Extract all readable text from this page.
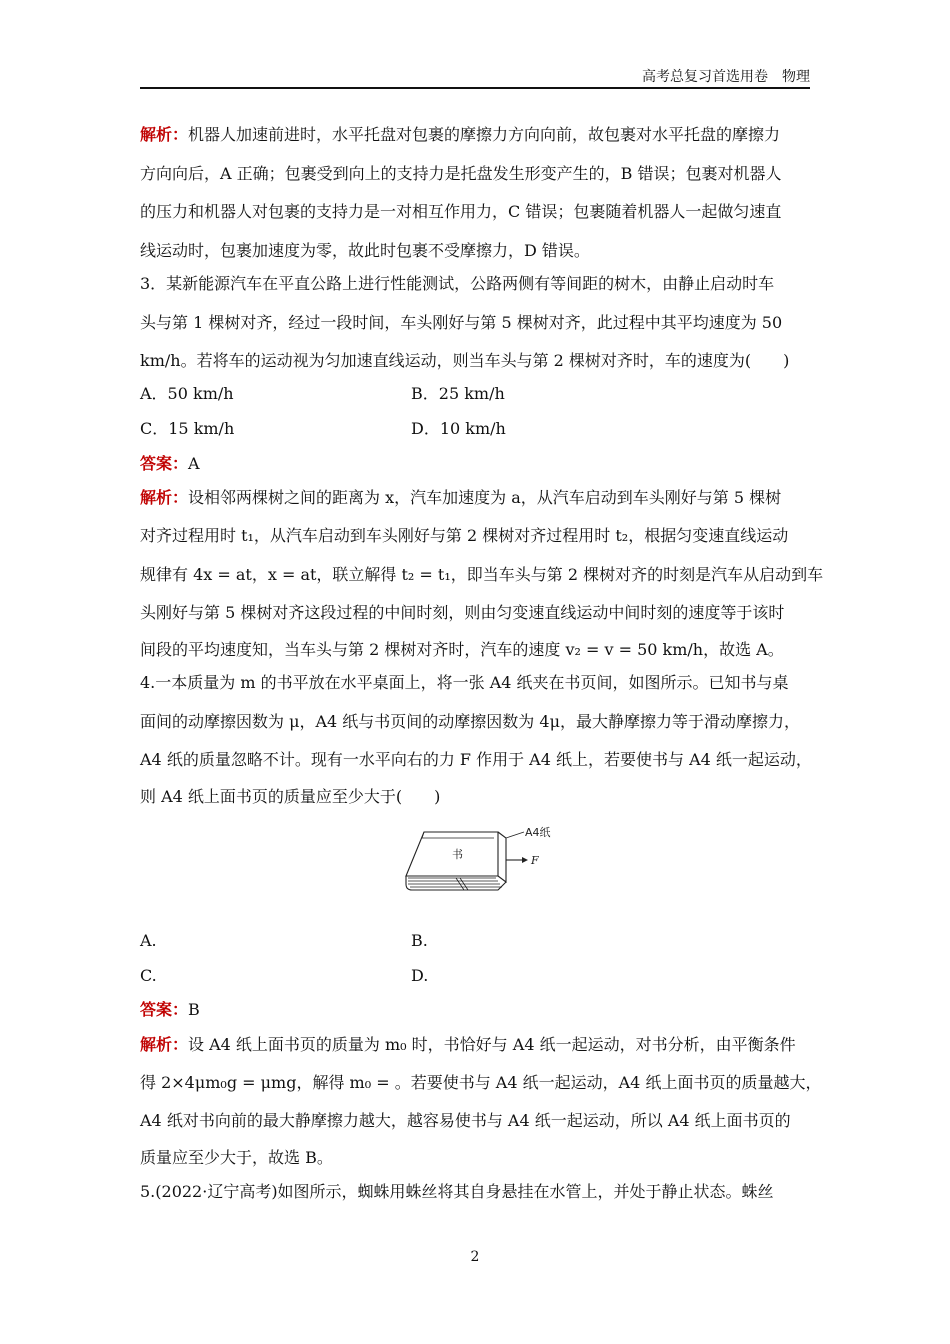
高考总复习首选用卷　物理
解析：机器人加速前进时，水平托盘对包裹的摩擦力方向向前，故包裹对水平托盘的摩擦力
方向向后，A 正确；包裹受到向上的支持力是托盘发生形变产生的，B 错误；包裹对机器人
的压力和机器人对包裹的支持力是一对相互作用力，C 错误；包裹随着机器人一起做匀速直
线运动时，包裹加速度为零，故此时包裹不受摩擦力，D 错误。
3．某新能源汽车在平直公路上进行性能测试，公路两侧有等间距的树木，由静止启动时车
头与第 1 棵树对齐，经过一段时间，车头刚好与第 5 棵树对齐，此过程中其平均速度为 50
km/h。若将车的运动视为匀加速直线运动，则当车头与第 2 棵树对齐时，车的速度为(　　)
A．50 km/h	B．25 km/h
C．15 km/h	D．10 km/h
答案：A
解析：设相邻两棵树之间的距离为 x，汽车加速度为 a，从汽车启动到车头刚好与第 5 棵树
对齐过程用时 t₁，从汽车启动到车头刚好与第 2 棵树对齐过程用时 t₂，根据匀变速直线运动
规律有 4x = at，x = at，联立解得 t₂ = t₁，即当车头与第 2 棵树对齐的时刻是汽车从启动到车
头刚好与第 5 棵树对齐这段过程的中间时刻，则由匀变速直线运动中间时刻的速度等于该时
间段的平均速度知，当车头与第 2 棵树对齐时，汽车的速度 v₂ = v = 50 km/h，故选 A。
4.一本质量为 m 的书平放在水平桌面上，将一张 A4 纸夹在书页间，如图所示。已知书与桌
面间的动摩擦因数为 μ，A4 纸与书页间的动摩擦因数为 4μ，最大静摩擦力等于滑动摩擦力，
A4 纸的质量忽略不计。现有一水平向右的力 F 作用于 A4 纸上，若要使书与 A4 纸一起运动，
则 A4 纸上面书页的质量应至少大于(　　)
书
A4纸
F
A.	B.
C.	D.
答案：B
解析：设 A4 纸上面书页的质量为 m₀ 时，书恰好与 A4 纸一起运动，对书分析，由平衡条件
得 2×4μm₀g = μmg，解得 m₀ = 。若要使书与 A4 纸一起运动，A4 纸上面书页的质量越大，
A4 纸对书向前的最大静摩擦力越大，越容易使书与 A4 纸一起运动，所以 A4 纸上面书页的
质量应至少大于，故选 B。
5.(2022·辽宁高考)如图所示，蜘蛛用蛛丝将其自身悬挂在水管上，并处于静止状态。蛛丝
2
